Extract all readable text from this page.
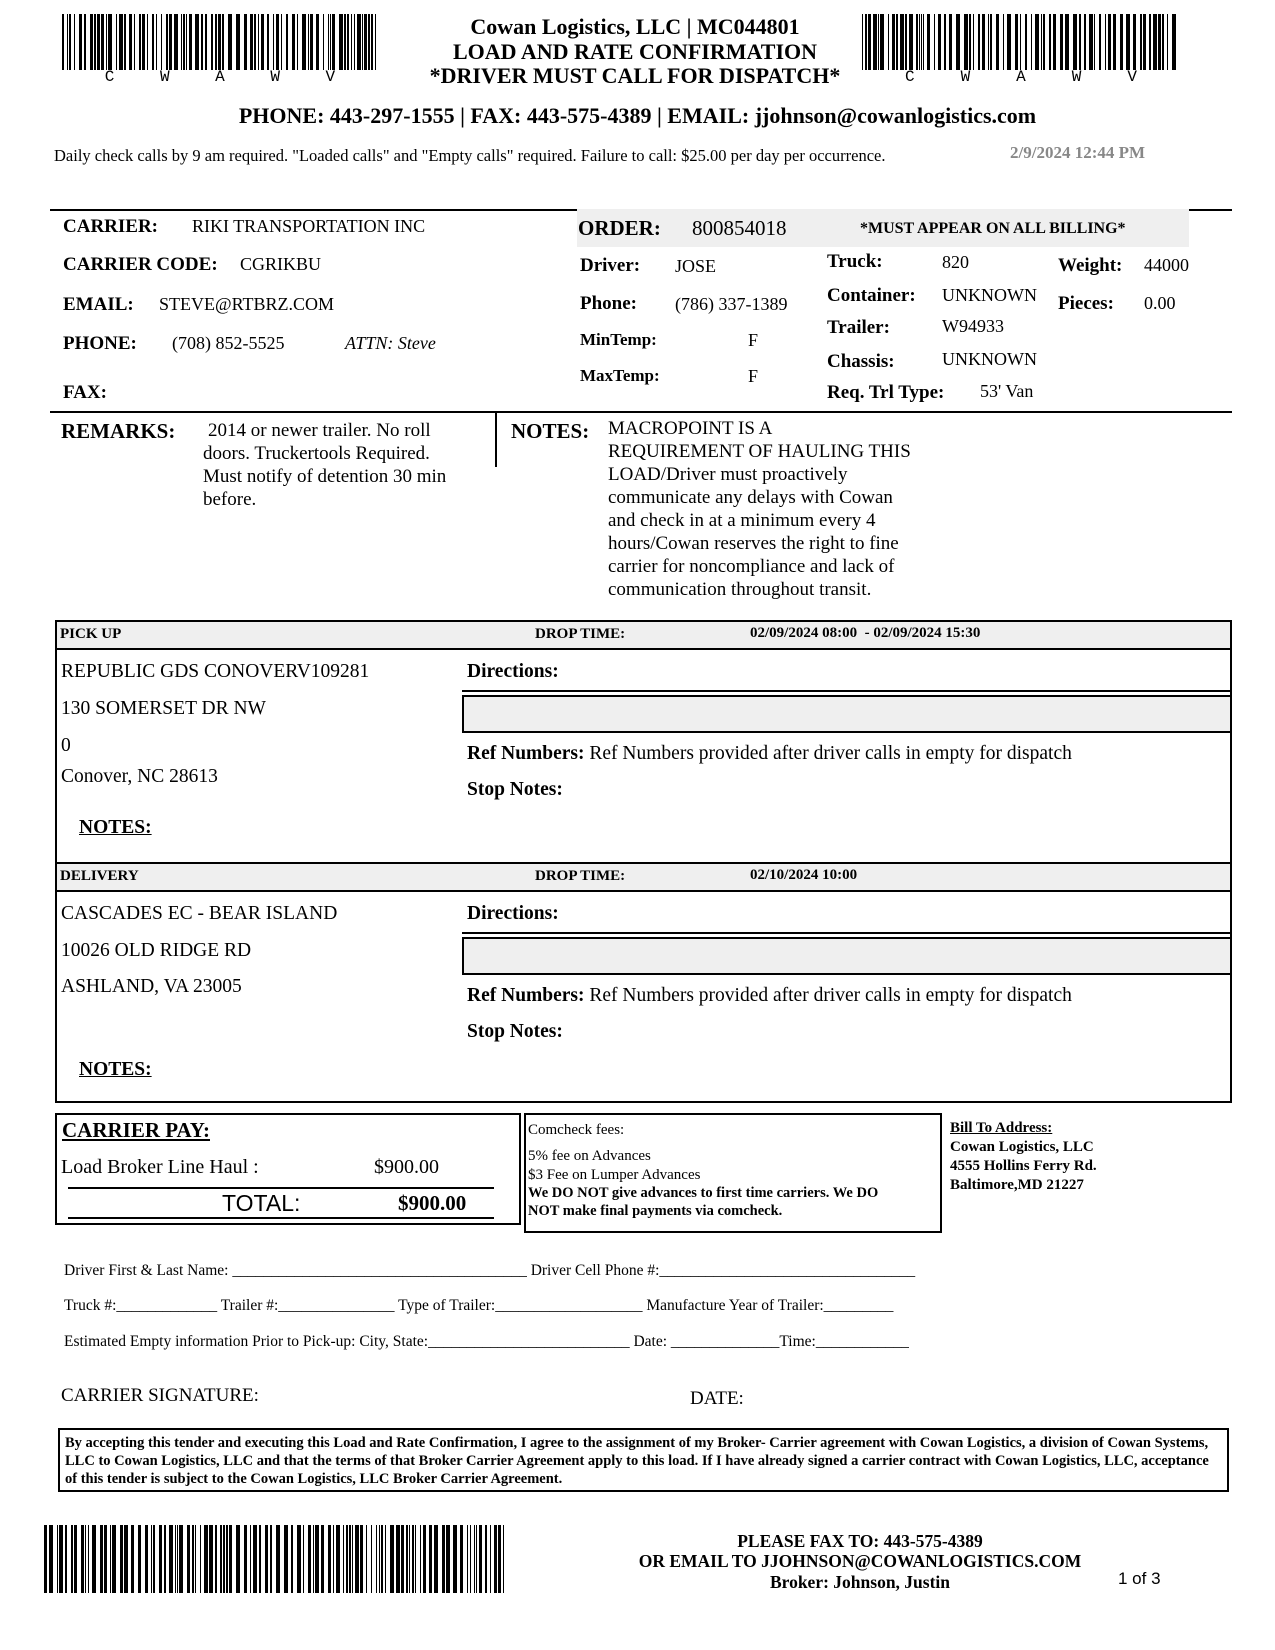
C	W	A	W	V	C	W	A	W	V
Cowan Logistics, LLC | MC044801
LOAD AND RATE CONFIRMATION
*DRIVER MUST CALL FOR DISPATCH*
PHONE: 443-297-1555 | FAX: 443-575-4389 | EMAIL: jjohnson@cowanlogistics.com
Daily check calls by 9 am required. "Loaded calls" and "Empty calls" required. Failure to call: $25.00 per day per occurrence.	2/9/2024 12:44 PM
CARRIER: RIKI TRANSPORTATION INC
CARRIER CODE: CGRIKBU
EMAIL: STEVE@RTBRZ.COM
PHONE: (708) 852-5525	ATTN: Steve
FAX:
ORDER: 800854018	*MUST APPEAR ON ALL BILLING*
Driver: JOSE
Phone: (786) 337-1389
MinTemp:	F
MaxTemp:	F
Truck:	820
Container: UNKNOWN
Trailer:	W94933
Chassis:	UNKNOWN
Req. Trl Type: 53' Van
Weight: 44000
Pieces: 0.00
REMARKS: 2014 or newer trailer. No roll
doors. Truckertools Required.
Must notify of detention 30 min
before.
NOTES: MACROPOINT IS A
REQUIREMENT OF HAULING THIS
LOAD/Driver must proactively
communicate any delays with Cowan
and check in at a minimum every 4
hours/Cowan reserves the right to fine
carrier for noncompliance and lack of
communication throughout transit.
PICK UP	DROP TIME:	02/09/2024 08:00  - 02/09/2024 15:30
REPUBLIC GDS CONOVERV109281
130 SOMERSET DR NW
0
Conover, NC 28613
NOTES:
Directions:
Ref Numbers: Ref Numbers provided after driver calls in empty for dispatch
Stop Notes:
DELIVERY	DROP TIME:	02/10/2024 10:00
CASCADES EC - BEAR ISLAND
10026 OLD RIDGE RD
ASHLAND, VA 23005
NOTES:
Directions:
Ref Numbers: Ref Numbers provided after driver calls in empty for dispatch
Stop Notes:
CARRIER PAY:
Load Broker Line Haul :	$900.00
TOTAL:	$900.00
Comcheck fees:
5% fee on Advances
$3 Fee on Lumper Advances
We DO NOT give advances to first time carriers. We DO
NOT make final payments via comcheck.
Bill To Address:
Cowan Logistics, LLC
4555 Hollins Ferry Rd.
Baltimore,MD 21227
Driver First & Last Name: ______________________________________ Driver Cell Phone #:_________________________________
Truck #:_____________ Trailer #:_______________ Type of Trailer:___________________ Manufacture Year of Trailer:_________
Estimated Empty information Prior to Pick-up: City, State:__________________________ Date: ______________Time:____________
CARRIER SIGNATURE:	DATE:
By accepting this tender and executing this Load and Rate Confirmation, I agree to the assignment of my Broker- Carrier agreement with Cowan Logistics, a division of Cowan Systems, LLC to Cowan Logistics, LLC and that the terms of that Broker Carrier Agreement apply to this load. If I have already signed a carrier contract with Cowan Logistics, LLC, acceptance of this tender is subject to the Cowan Logistics, LLC Broker Carrier Agreement.
PLEASE FAX TO: 443-575-4389
OR EMAIL TO JJOHNSON@COWANLOGISTICS.COM
Broker: Johnson, Justin	1 of 3
